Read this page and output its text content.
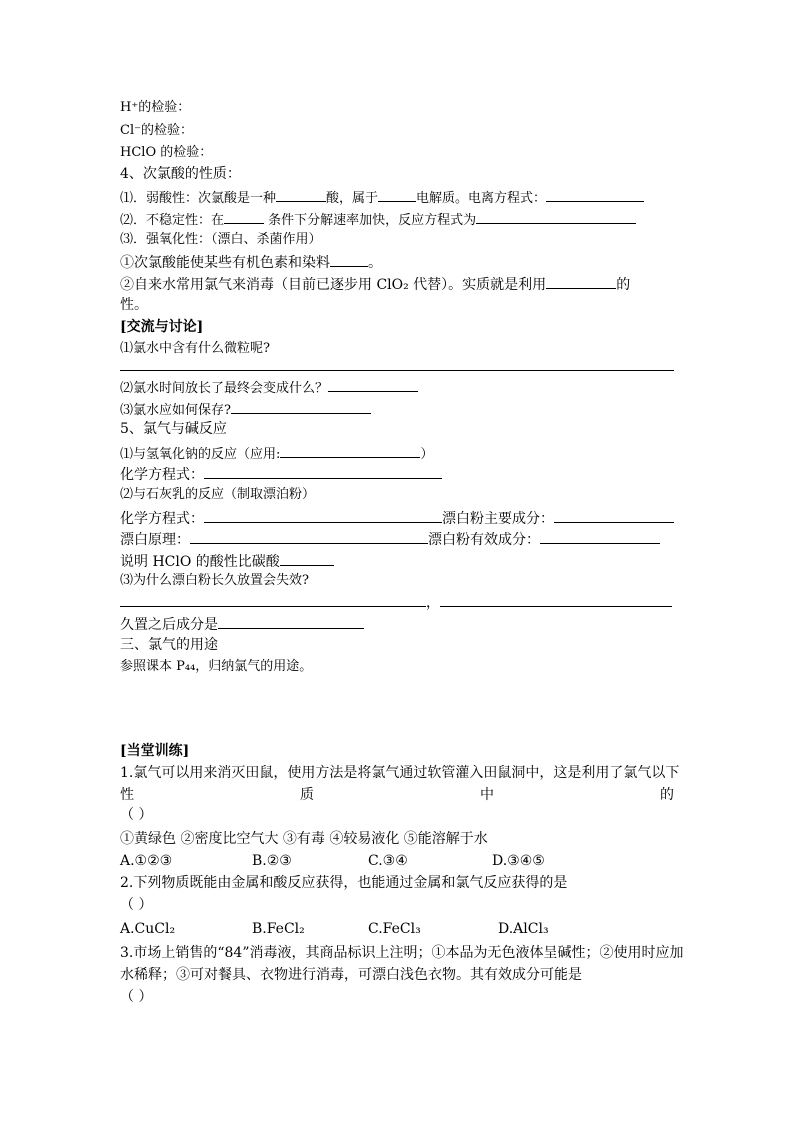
H⁺的检验：
Cl⁻的检验：
HClO 的检验：
4、次氯酸的性质：
⑴．弱酸性：次氯酸是一种	酸，属于	电解质。电离方程式：
⑵．不稳定性：在	条件下分解速率加快，反应方程式为
⑶．强氧化性：（漂白、杀菌作用）
①次氯酸能使某些有机色素和染料	。
②自来水常用氯气来消毒（目前已逐步用 ClO₂ 代替）。实质就是利用	的
性。
[交流与讨论]
⑴氯水中含有什么微粒呢?
⑵氯水时间放长了最终会变成什么？
⑶氯水应如何保存?
5、氯气与碱反应
⑴与氢氧化钠的反应（应用:	）
化学方程式：
⑵与石灰乳的反应（制取漂泊粉）
化学方程式：	漂白粉主要成分：
漂白原理：	漂白粉有效成分：
说明 HClO 的酸性比碳酸
⑶为什么漂白粉长久放置会失效?
，
久置之后成分是
三、氯气的用途
参照课本 P₄₄，归纳氯气的用途。
[当堂训练]
1.氯气可以用来消灭田鼠，使用方法是将氯气通过软管灌入田鼠洞中，这是利用了氯气以下
性	质	中	的
（ ）
①黄绿色 ②密度比空气大 ③有毒 ④较易液化 ⑤能溶解于水
A.①②③	B.②③	C.③④	D.③④⑤
2.下列物质既能由金属和酸反应获得，也能通过金属和氯气反应获得的是
（ ）
A.CuCl₂	B.FeCl₂	C.FeCl₃	D.AlCl₃
3.市场上销售的“84”消毒液，其商品标识上注明；①本品为无色液体呈碱性；②使用时应加
水稀释；③可对餐具、衣物进行消毒，可漂白浅色衣物。其有效成分可能是
（ ）
